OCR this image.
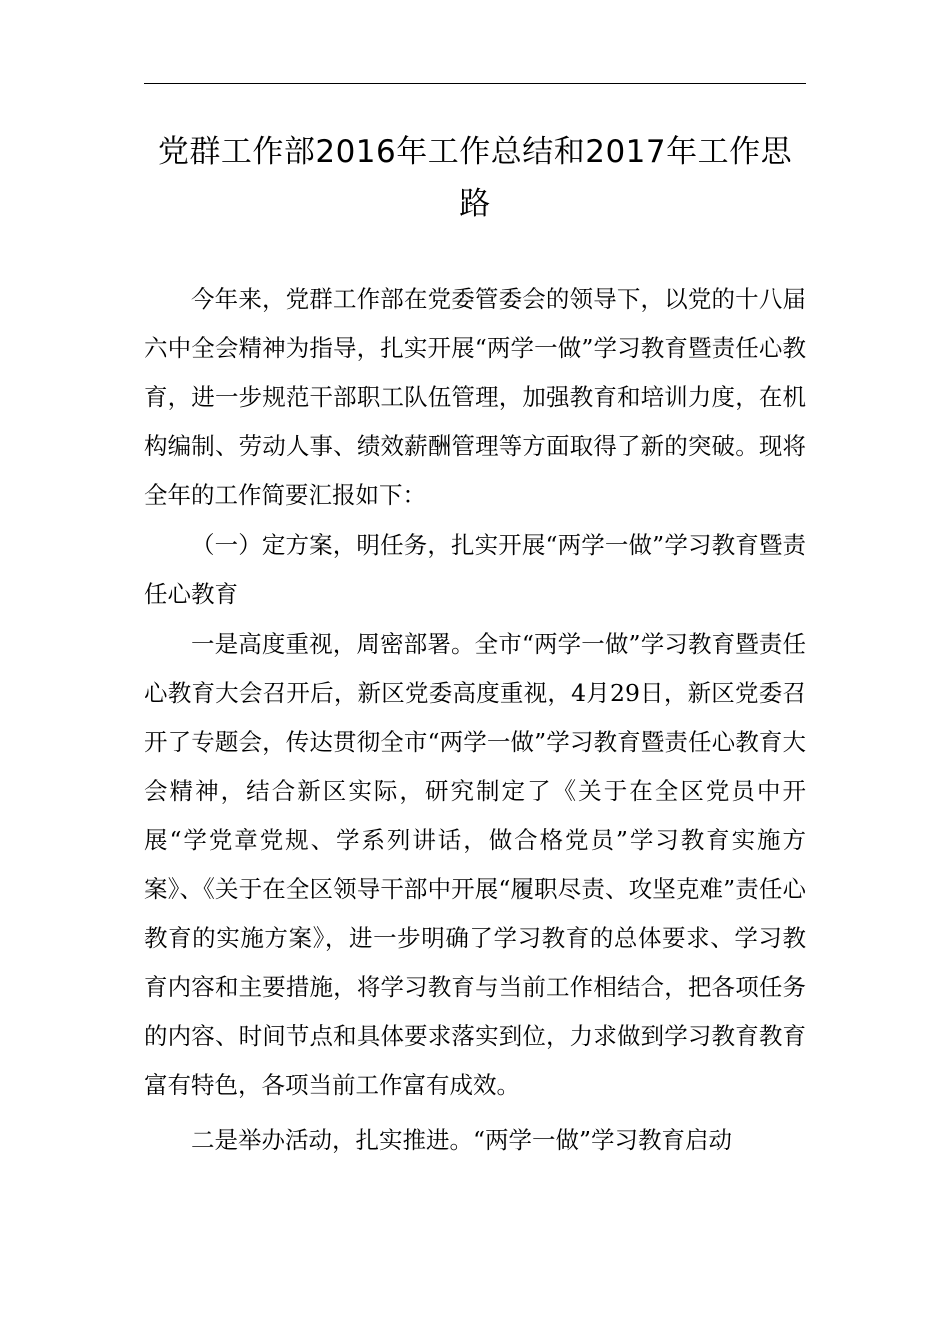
党群工作部2016年工作总结和2017年工作思路

今年来，党群工作部在党委管委会的领导下，以党的十八届六中全会精神为指导，扎实开展“两学一做”学习教育暨责任心教育，进一步规范干部职工队伍管理，加强教育和培训力度，在机构编制、劳动人事、绩效薪酬管理等方面取得了新的突破。现将全年的工作简要汇报如下：

（一）定方案，明任务，扎实开展“两学一做”学习教育暨责任心教育

一是高度重视，周密部署。全市“两学一做”学习教育暨责任心教育大会召开后，新区党委高度重视，4月29日，新区党委召开了专题会，传达贯彻全市“两学一做”学习教育暨责任心教育大会精神，结合新区实际，研究制定了《关于在全区党员中开展“学党章党规、学系列讲话，做合格党员”学习教育实施方案》、《关于在全区领导干部中开展“履职尽责、攻坚克难”责任心教育的实施方案》，进一步明确了学习教育的总体要求、学习教育内容和主要措施，将学习教育与当前工作相结合，把各项任务的内容、时间节点和具体要求落实到位，力求做到学习教育教育富有特色，各项当前工作富有成效。

二是举办活动，扎实推进。“两学一做”学习教育启动
